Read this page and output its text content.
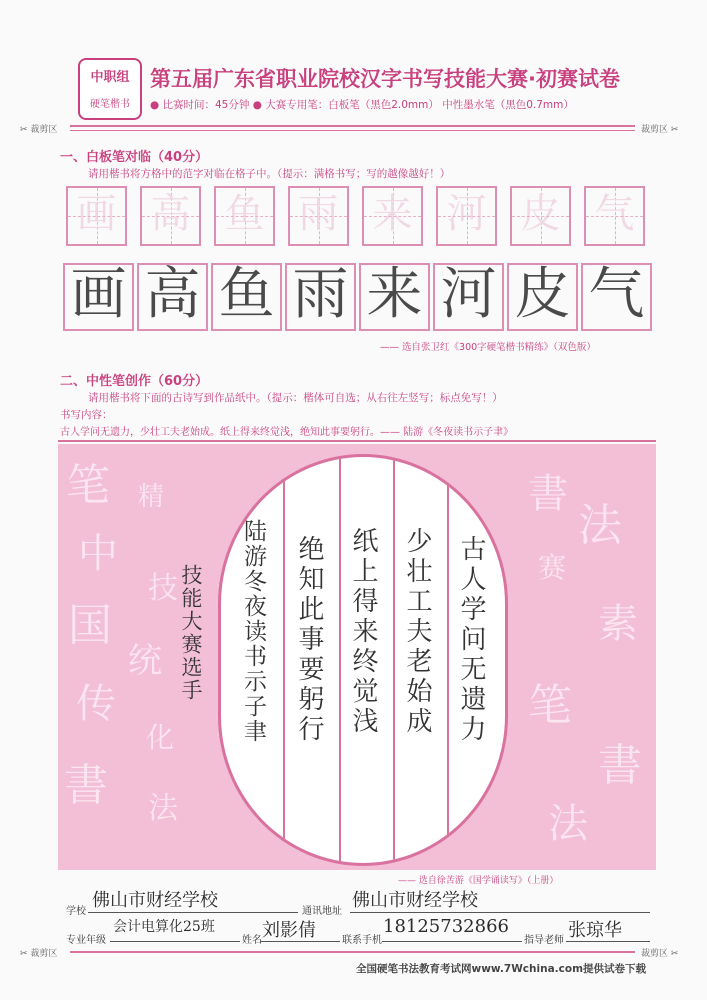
中职组
硬笔楷书
第五届广东省职业院校汉字书写技能大赛·初赛试卷
● 比赛时间：45分钟 ● 大赛专用笔：白板笔（黑色2.0mm） 中性墨水笔（黑色0.7mm）
✂ 裁剪区	裁剪区 ✂
一、白板笔对临（40分）
请用楷书将方格中的范字对临在格子中。（提示：满格书写；写的越像越好！）
画 高 鱼 雨 来 河 皮 气
画 高 鱼 雨 来 河 皮 气
—— 选自张卫红《300字硬笔楷书精练》（双色版）
二、中性笔创作（60分）
请用楷书将下面的古诗写到作品纸中。（提示：楷体可自选；从右往左竖写；标点免写！）
书写内容：
古人学问无遗力，少壮工夫老始成。纸上得来终觉浅，绝知此事要躬行。—— 陆游《冬夜读书示子聿》
笔
中
国
传
書
精
技
统
化
法
書
赛
法
素
笔
書
法
古人学问无遗力
少壮工夫老始成
纸上得来终觉浅
绝知此事要躬行
陆游冬夜读书示子聿
技能大赛选手
—— 选自徐苦游《国学诵读写》（上册）
学校
佛山市财经学校
通讯地址
佛山市财经学校
专业年级
会计电算化25班
姓名 刘影倩	联系手机
18125732866
指导老师 张琼华
✂ 裁剪区	裁剪区 ✂
全国硬笔书法教育考试网www.7Wchina.com提供试卷下载
